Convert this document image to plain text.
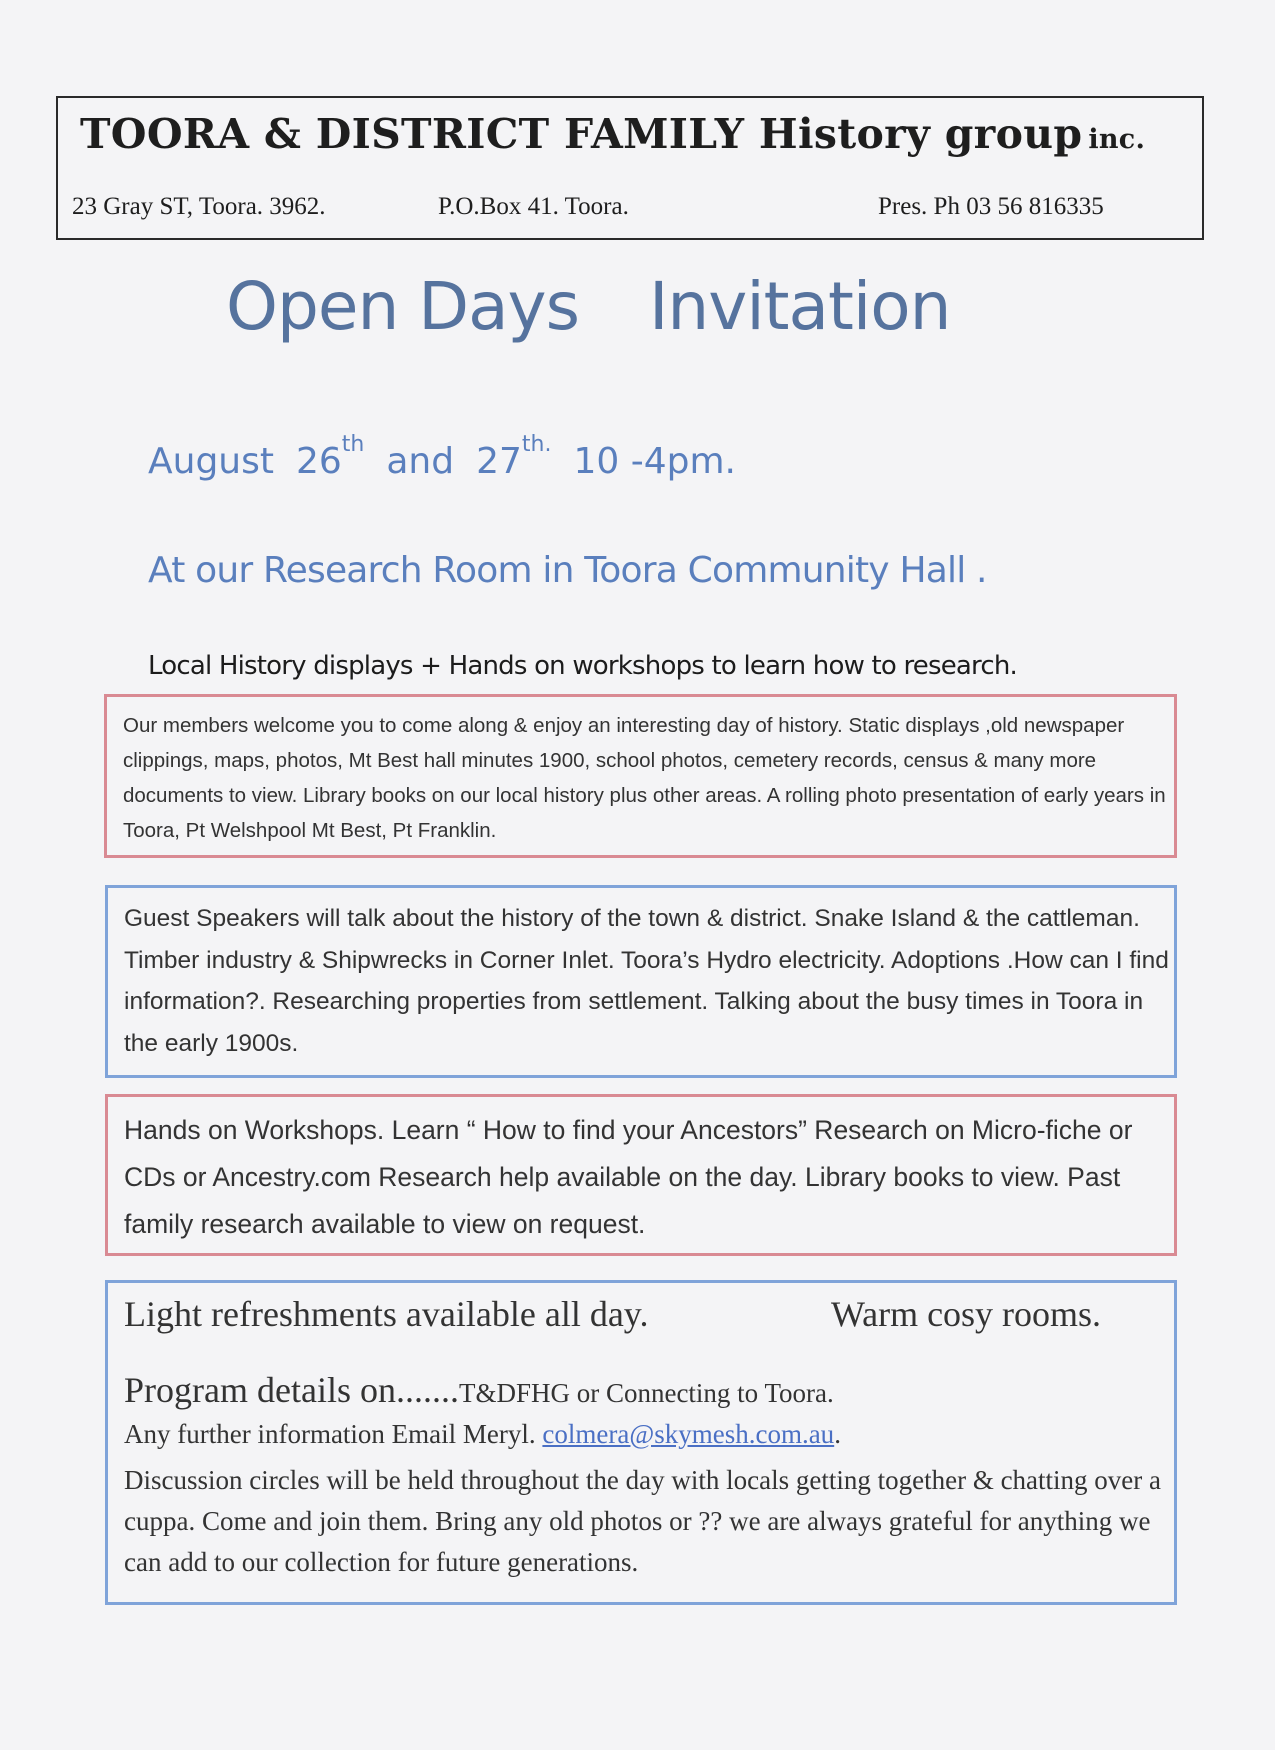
TOORA & DISTRICT FAMILY History group inc.
23 Gray ST, Toora. 3962.	P.O.Box 41. Toora.	Pres. Ph 03 56 816335
Open Days Invitation
August 26th and $27^{th.}$ 10 -4pm.
At our Research Room in Toora Community Hall .
Local History displays + Hands on workshops to learn how to research.

Our members welcome you to come along & enjoy an interesting day of history. Static displays ,old newspaper clippings, maps, photos, Mt Best hall minutes 1900, school photos, cemetery records, census & many more documents to view. Library books on our local history plus other areas. A rolling photo presentation of early years in Toora, Pt Welshpool Mt Best, Pt Franklin.

Guest Speakers will talk about the history of the town & district. Snake Island & the cattleman. Timber industry & Shipwrecks in Corner Inlet. Toora’s Hydro electricity. Adoptions .How can I find information?. Researching properties from settlement. Talking about the busy times in Toora in the early 1900s.

Hands on Workshops. Learn “ How to find your Ancestors” Research on Micro-fiche or CDs or Ancestry.com Research help available on the day. Library books to view. Past family research available to view on request.

Light refreshments available all day.	Warm cosy rooms.
Program details on.......T&DFHG or Connecting to Toora.
Any further information Email Meryl. colmera@skymesh.com.au.

Discussion circles will be held throughout the day with locals getting together & chatting over a cuppa. Come and join them. Bring any old photos or ?? we are always grateful for anything we can add to our collection for future generations.
